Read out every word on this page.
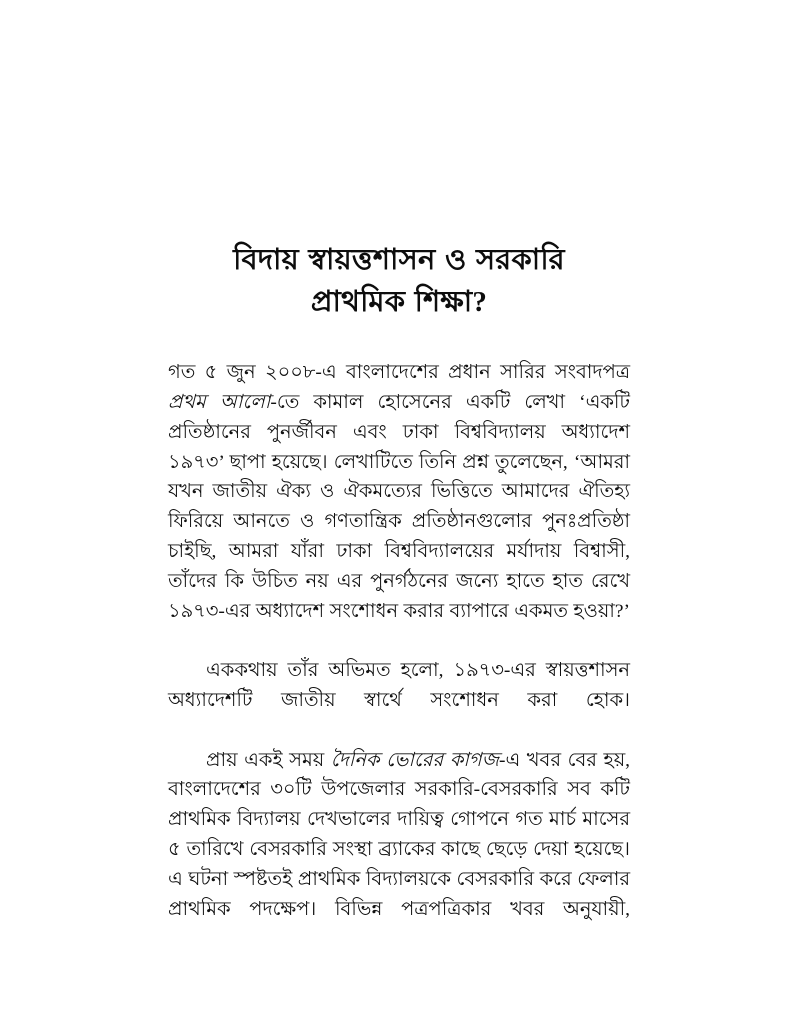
বিদায় স্বায়ত্তশাসন ও সরকারি
প্রাথমিক শিক্ষা?

গত ৫ জুন ২০০৮-এ বাংলাদেশের প্রধান সারির সংবাদপত্র প্রথম আলো-তে কামাল হোসেনের একটি লেখা ‘একটি প্রতিষ্ঠানের পুনর্জীবন এবং ঢাকা বিশ্ববিদ্যালয় অধ্যাদেশ ১৯৭৩’ ছাপা হয়েছে। লেখাটিতে তিনি প্রশ্ন তুলেছেন, ‘আমরা যখন জাতীয় ঐক্য ও ঐকমত্যের ভিত্তিতে আমাদের ঐতিহ্য ফিরিয়ে আনতে ও গণতান্ত্রিক প্রতিষ্ঠানগুলোর পুনঃপ্রতিষ্ঠা চাইছি, আমরা যাঁরা ঢাকা বিশ্ববিদ্যালয়ের মর্যাদায় বিশ্বাসী, তাঁদের কি উচিত নয় এর পুনর্গঠনের জন্যে হাতে হাত রেখে ১৯৭৩-এর অধ্যাদেশ সংশোধন করার ব্যাপারে একমত হওয়া?’

এককথায় তাঁর অভিমত হলো, ১৯৭৩-এর স্বায়ত্তশাসন অধ্যাদেশটি জাতীয় স্বার্থে সংশোধন করা হোক।

প্রায় একই সময় দৈনিক ভোরের কাগজ-এ খবর বের হয়, বাংলাদেশের ৩০টি উপজেলার সরকারি-বেসরকারি সব কটি প্রাথমিক বিদ্যালয় দেখভালের দায়িত্ব গোপনে গত মার্চ মাসের ৫ তারিখে বেসরকারি সংস্থা ব্র্যাকের কাছে ছেড়ে দেয়া হয়েছে। এ ঘটনা স্পষ্টতই প্রাথমিক বিদ্যালয়কে বেসরকারি করে ফেলার প্রাথমিক পদক্ষেপ। বিভিন্ন পত্রপত্রিকার খবর অনুযায়ী,
